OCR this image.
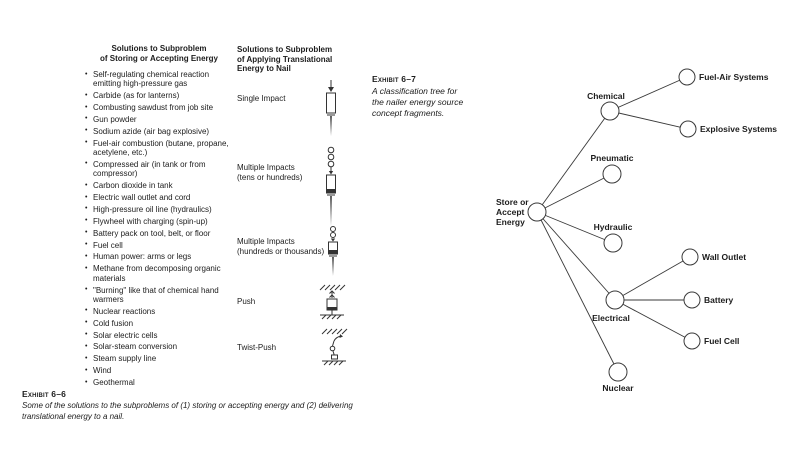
Solutions to Subproblem
of Storing or Accepting Energy
• Self-regulating chemical reaction emitting high-pressure gas
• Carbide (as for lanterns)
• Combusting sawdust from job site
• Gun powder
• Sodium azide (air bag explosive)
• Fuel-air combustion (butane, propane, acetylene, etc.)
• Compressed air (in tank or from compressor)
• Carbon dioxide in tank
• Electric wall outlet and cord
• High-pressure oil line (hydraulics)
• Flywheel with charging (spin-up)
• Battery pack on tool, belt, or floor
• Fuel cell
• Human power: arms or legs
• Methane from decomposing organic materials
• "Burning" like that of chemical hand warmers
• Nuclear reactions
• Cold fusion
• Solar electric cells
• Solar-steam conversion
• Steam supply line
• Wind
• Geothermal
Solutions to Subproblem
of Applying Translational
Energy to Nail
Single Impact
Multiple Impacts
(tens or hundreds)
Multiple Impacts
(hundreds or thousands)
Push
Twist-Push
Exhibit 6–7
A classification tree for the nailer energy source concept fragments.
Store or
Accept
Energy
Chemical
Pneumatic
Hydraulic
Electrical
Nuclear
Fuel-Air Systems
Explosive Systems
Wall Outlet
Battery
Fuel Cell
Exhibit 6–6
Some of the solutions to the subproblems of (1) storing or accepting energy and (2) delivering translational energy to a nail.
